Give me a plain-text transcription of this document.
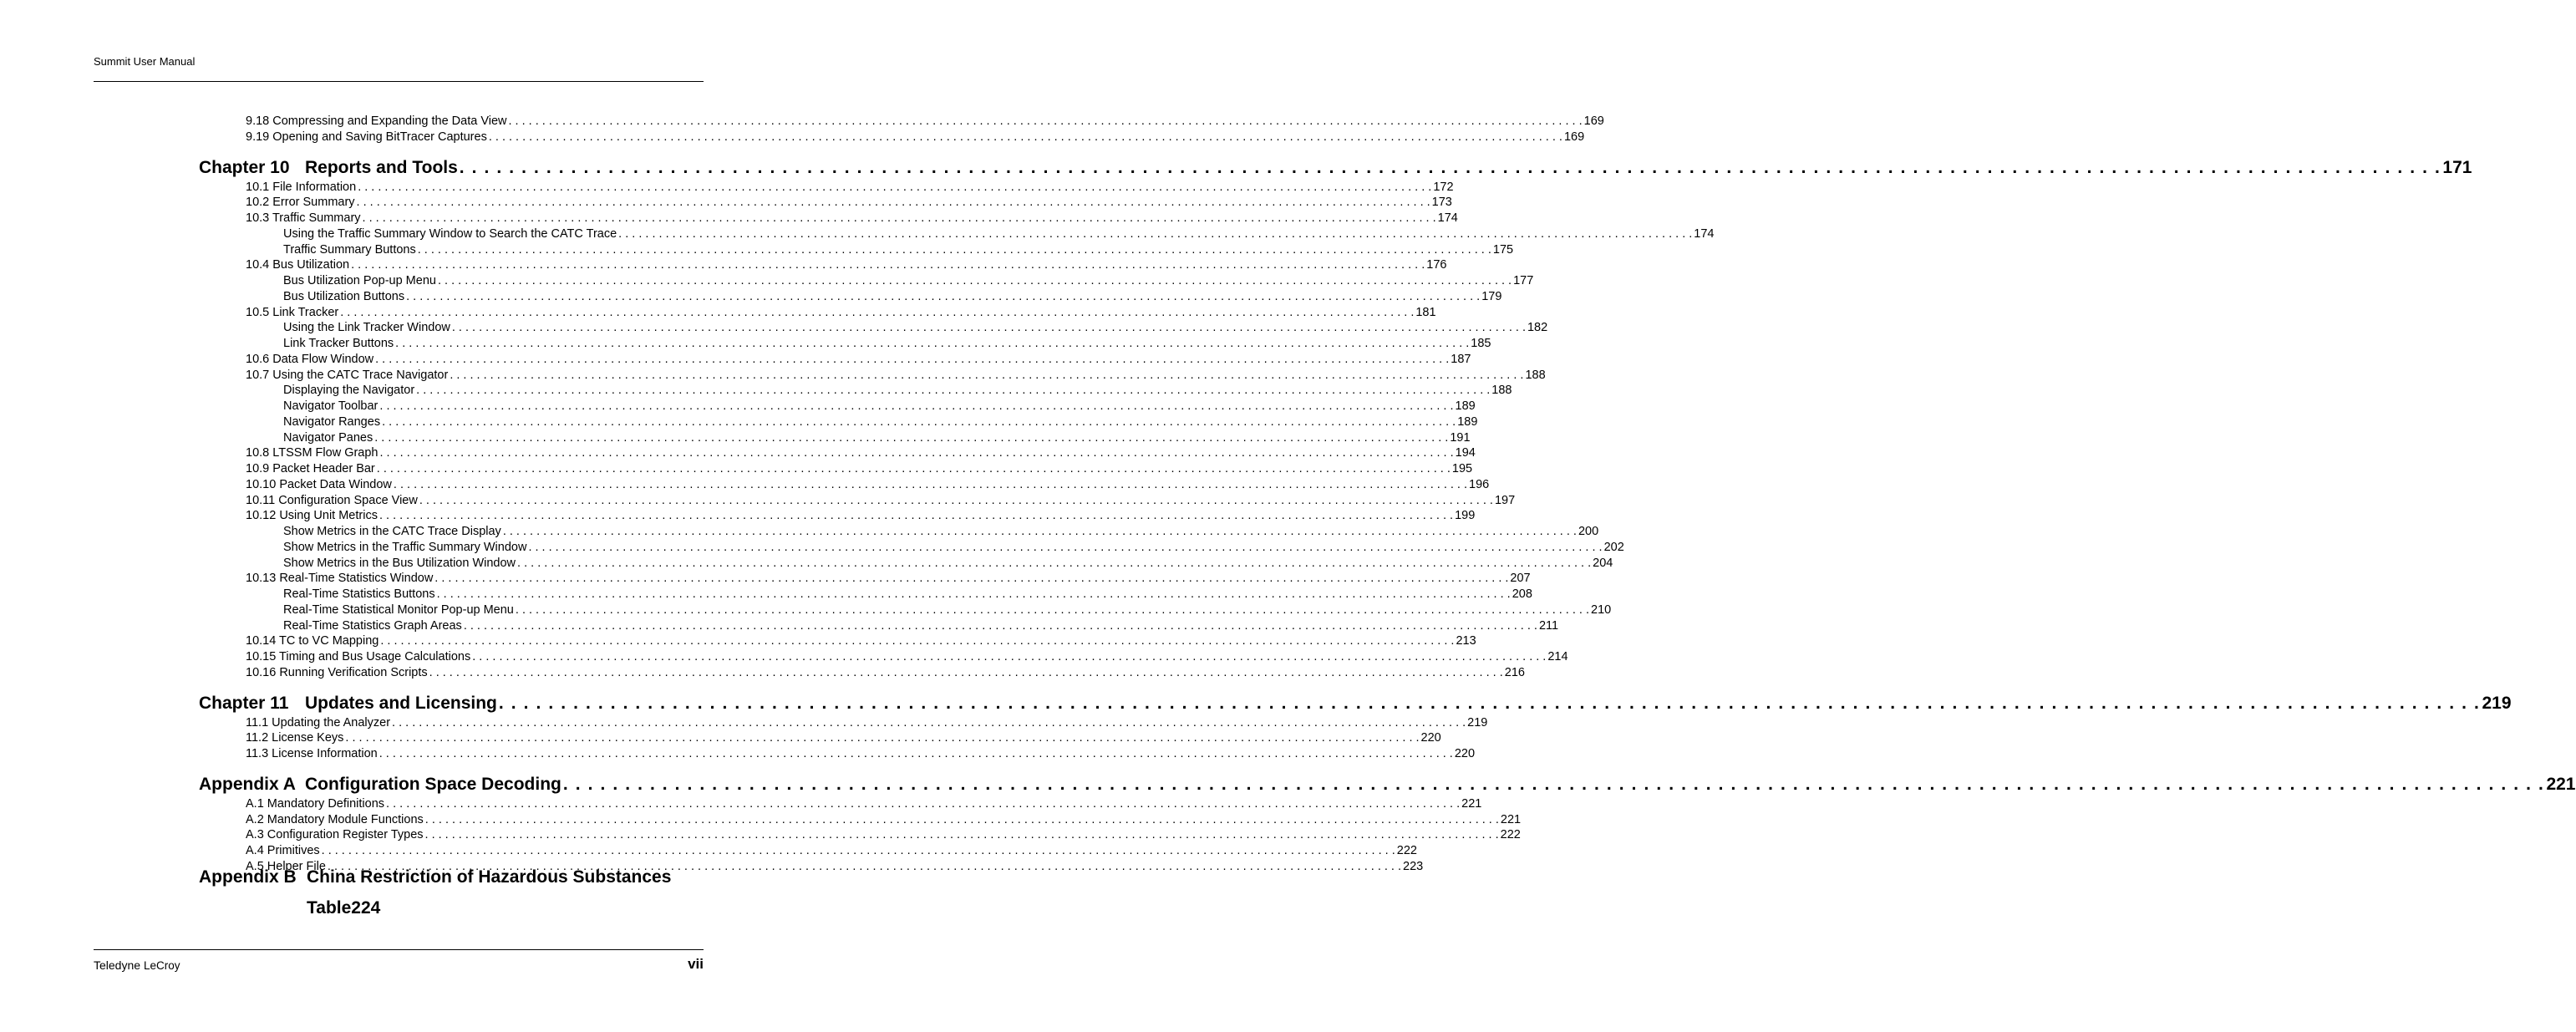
Summit User Manual
9.18 Compressing and Expanding the Data View . . . . . . . . . . . . . . . . . . . . . . . . . . . . . . . . . . . . . . . . . . . . . . . . . . . . . . . . . . . . . . . . . . . . . . . . . . . . . . . . . . . . . . . . . . . . . . . . . . . . . . . . . . . . . . . . . . . . . . . . . . . . . . . . . . . . . . . . . . . . . . . . . . . . . . . . . . . . . . . . 169
9.19 Opening and Saving BitTracer Captures . . . . . . . . . . . . . . . . . . . . . . . . . . . . . . . . . . . . . . . . . . . . . . . . . . . . . . . . . . . . . . . . . . . . . . . . . . . . . . . . . . . . . . . . . . . . . . . . . . . . . . . . . . . . . . . . . . . . . . . . . . . . . . . . . . . . . . . . . . . . . . . . . . . . . . . . . . . . . . . . 169
Chapter 10 Reports and Tools . . . . . . . . . . . . . . . . . . . . . . . . . . . . . . . . . . . . . . . . . . . . . . . . . . . . . . . . . . . . . . . . . . . . . . . . . . . . . . . . . . . . . . . . . . . . . . . . . . . . . . . . . . . . . . . . . . . . . . . . . . . . . . . . . . . . . . . . . . . . . . . . . . . . . . . . . . . . . . . . 171
10.1 File Information . . . . . . . . . . . . . . . . . . . . . . . . . . . . . . . . . . . . . . . . . . . . . . . . . . . . . . . . . . . . . . . . . . . . . . . . . . . . . . . . . . . . . . . . . . . . . . . . . . . . . . . . . . . . . . . . . . . . . . . . . . . . . . . . . . . . . . . . . . . . . . . . . . . . . . . . . . . . . . . . 172
10.2 Error Summary . . . . . . . . . . . . . . . . . . . . . . . . . . . . . . . . . . . . . . . . . . . . . . . . . . . . . . . . . . . . . . . . . . . . . . . . . . . . . . . . . . . . . . . . . . . . . . . . . . . . . . . . . . . . . . . . . . . . . . . . . . . . . . . . . . . . . . . . . . . . . . . . . . . . . . . . . . . . . . . . 173
10.3 Traffic Summary . . . . . . . . . . . . . . . . . . . . . . . . . . . . . . . . . . . . . . . . . . . . . . . . . . . . . . . . . . . . . . . . . . . . . . . . . . . . . . . . . . . . . . . . . . . . . . . . . . . . . . . . . . . . . . . . . . . . . . . . . . . . . . . . . . . . . . . . . . . . . . . . . . . . . . . . . . . . . . . . 174
Using the Traffic Summary Window to Search the CATC Trace . . . . . . . . . . . . . . . . . . . . . . . . . . . . . . . . . . . . . . . . . . . . . . . . . . . . . . . . . . . . . . . . . . . . . . . . . . . . . . . . . . . . . . . . . . . . . . . . . . . . . . . . . . . . . . . . . . . . . . . . . . . . . . . . . . . . . . . . . . . . . . . . . . . . . . . . . . . . . . . . 174
Traffic Summary Buttons . . . . . . . . . . . . . . . . . . . . . . . . . . . . . . . . . . . . . . . . . . . . . . . . . . . . . . . . . . . . . . . . . . . . . . . . . . . . . . . . . . . . . . . . . . . . . . . . . . . . . . . . . . . . . . . . . . . . . . . . . . . . . . . . . . . . . . . . . . . . . . . . . . . . . . . . . . . . . . . . 175
10.4 Bus Utilization . . . . . . . . . . . . . . . . . . . . . . . . . . . . . . . . . . . . . . . . . . . . . . . . . . . . . . . . . . . . . . . . . . . . . . . . . . . . . . . . . . . . . . . . . . . . . . . . . . . . . . . . . . . . . . . . . . . . . . . . . . . . . . . . . . . . . . . . . . . . . . . . . . . . . . . . . . . . . . . . 176
Bus Utilization Pop-up Menu . . . . . . . . . . . . . . . . . . . . . . . . . . . . . . . . . . . . . . . . . . . . . . . . . . . . . . . . . . . . . . . . . . . . . . . . . . . . . . . . . . . . . . . . . . . . . . . . . . . . . . . . . . . . . . . . . . . . . . . . . . . . . . . . . . . . . . . . . . . . . . . . . . . . . . . . . . . . . . . . 177
Bus Utilization Buttons . . . . . . . . . . . . . . . . . . . . . . . . . . . . . . . . . . . . . . . . . . . . . . . . . . . . . . . . . . . . . . . . . . . . . . . . . . . . . . . . . . . . . . . . . . . . . . . . . . . . . . . . . . . . . . . . . . . . . . . . . . . . . . . . . . . . . . . . . . . . . . . . . . . . . . . . . . . . . . . . 179
10.5 Link Tracker . . . . . . . . . . . . . . . . . . . . . . . . . . . . . . . . . . . . . . . . . . . . . . . . . . . . . . . . . . . . . . . . . . . . . . . . . . . . . . . . . . . . . . . . . . . . . . . . . . . . . . . . . . . . . . . . . . . . . . . . . . . . . . . . . . . . . . . . . . . . . . . . . . . . . . . . . . . . . . . . 181
Using the Link Tracker Window . . . . . . . . . . . . . . . . . . . . . . . . . . . . . . . . . . . . . . . . . . . . . . . . . . . . . . . . . . . . . . . . . . . . . . . . . . . . . . . . . . . . . . . . . . . . . . . . . . . . . . . . . . . . . . . . . . . . . . . . . . . . . . . . . . . . . . . . . . . . . . . . . . . . . . . . . . . . . . . . 182
Link Tracker Buttons . . . . . . . . . . . . . . . . . . . . . . . . . . . . . . . . . . . . . . . . . . . . . . . . . . . . . . . . . . . . . . . . . . . . . . . . . . . . . . . . . . . . . . . . . . . . . . . . . . . . . . . . . . . . . . . . . . . . . . . . . . . . . . . . . . . . . . . . . . . . . . . . . . . . . . . . . . . . . . . . 185
10.6 Data Flow Window . . . . . . . . . . . . . . . . . . . . . . . . . . . . . . . . . . . . . . . . . . . . . . . . . . . . . . . . . . . . . . . . . . . . . . . . . . . . . . . . . . . . . . . . . . . . . . . . . . . . . . . . . . . . . . . . . . . . . . . . . . . . . . . . . . . . . . . . . . . . . . . . . . . . . . . . . . . . . . . . 187
10.7 Using the CATC Trace Navigator . . . . . . . . . . . . . . . . . . . . . . . . . . . . . . . . . . . . . . . . . . . . . . . . . . . . . . . . . . . . . . . . . . . . . . . . . . . . . . . . . . . . . . . . . . . . . . . . . . . . . . . . . . . . . . . . . . . . . . . . . . . . . . . . . . . . . . . . . . . . . . . . . . . . . . . . . . . . . . . . 188
Displaying the Navigator . . . . . . . . . . . . . . . . . . . . . . . . . . . . . . . . . . . . . . . . . . . . . . . . . . . . . . . . . . . . . . . . . . . . . . . . . . . . . . . . . . . . . . . . . . . . . . . . . . . . . . . . . . . . . . . . . . . . . . . . . . . . . . . . . . . . . . . . . . . . . . . . . . . . . . . . . . . . . . . . 188
Navigator Toolbar . . . . . . . . . . . . . . . . . . . . . . . . . . . . . . . . . . . . . . . . . . . . . . . . . . . . . . . . . . . . . . . . . . . . . . . . . . . . . . . . . . . . . . . . . . . . . . . . . . . . . . . . . . . . . . . . . . . . . . . . . . . . . . . . . . . . . . . . . . . . . . . . . . . . . . . . . . . . . . . . 189
Navigator Ranges . . . . . . . . . . . . . . . . . . . . . . . . . . . . . . . . . . . . . . . . . . . . . . . . . . . . . . . . . . . . . . . . . . . . . . . . . . . . . . . . . . . . . . . . . . . . . . . . . . . . . . . . . . . . . . . . . . . . . . . . . . . . . . . . . . . . . . . . . . . . . . . . . . . . . . . . . . . . . . . . 189
Navigator Panes . . . . . . . . . . . . . . . . . . . . . . . . . . . . . . . . . . . . . . . . . . . . . . . . . . . . . . . . . . . . . . . . . . . . . . . . . . . . . . . . . . . . . . . . . . . . . . . . . . . . . . . . . . . . . . . . . . . . . . . . . . . . . . . . . . . . . . . . . . . . . . . . . . . . . . . . . . . . . . . . 191
10.8 LTSSM Flow Graph . . . . . . . . . . . . . . . . . . . . . . . . . . . . . . . . . . . . . . . . . . . . . . . . . . . . . . . . . . . . . . . . . . . . . . . . . . . . . . . . . . . . . . . . . . . . . . . . . . . . . . . . . . . . . . . . . . . . . . . . . . . . . . . . . . . . . . . . . . . . . . . . . . . . . . . . . . . . . . . . 194
10.9 Packet Header Bar . . . . . . . . . . . . . . . . . . . . . . . . . . . . . . . . . . . . . . . . . . . . . . . . . . . . . . . . . . . . . . . . . . . . . . . . . . . . . . . . . . . . . . . . . . . . . . . . . . . . . . . . . . . . . . . . . . . . . . . . . . . . . . . . . . . . . . . . . . . . . . . . . . . . . . . . . . . . . . . . 195
10.10 Packet Data Window . . . . . . . . . . . . . . . . . . . . . . . . . . . . . . . . . . . . . . . . . . . . . . . . . . . . . . . . . . . . . . . . . . . . . . . . . . . . . . . . . . . . . . . . . . . . . . . . . . . . . . . . . . . . . . . . . . . . . . . . . . . . . . . . . . . . . . . . . . . . . . . . . . . . . . . . . . . . . . . . 196
10.11 Configuration Space View . . . . . . . . . . . . . . . . . . . . . . . . . . . . . . . . . . . . . . . . . . . . . . . . . . . . . . . . . . . . . . . . . . . . . . . . . . . . . . . . . . . . . . . . . . . . . . . . . . . . . . . . . . . . . . . . . . . . . . . . . . . . . . . . . . . . . . . . . . . . . . . . . . . . . . . . . . . . . . . . 197
10.12 Using Unit Metrics . . . . . . . . . . . . . . . . . . . . . . . . . . . . . . . . . . . . . . . . . . . . . . . . . . . . . . . . . . . . . . . . . . . . . . . . . . . . . . . . . . . . . . . . . . . . . . . . . . . . . . . . . . . . . . . . . . . . . . . . . . . . . . . . . . . . . . . . . . . . . . . . . . . . . . . . . . . . . . . . 199
Show Metrics in the CATC Trace Display . . . . . . . . . . . . . . . . . . . . . . . . . . . . . . . . . . . . . . . . . . . . . . . . . . . . . . . . . . . . . . . . . . . . . . . . . . . . . . . . . . . . . . . . . . . . . . . . . . . . . . . . . . . . . . . . . . . . . . . . . . . . . . . . . . . . . . . . . . . . . . . . . . . . . . . . . . . . . . . . 200
Show Metrics in the Traffic Summary Window . . . . . . . . . . . . . . . . . . . . . . . . . . . . . . . . . . . . . . . . . . . . . . . . . . . . . . . . . . . . . . . . . . . . . . . . . . . . . . . . . . . . . . . . . . . . . . . . . . . . . . . . . . . . . . . . . . . . . . . . . . . . . . . . . . . . . . . . . . . . . . . . . . . . . . . . . . . . . . . . 202
Show Metrics in the Bus Utilization Window . . . . . . . . . . . . . . . . . . . . . . . . . . . . . . . . . . . . . . . . . . . . . . . . . . . . . . . . . . . . . . . . . . . . . . . . . . . . . . . . . . . . . . . . . . . . . . . . . . . . . . . . . . . . . . . . . . . . . . . . . . . . . . . . . . . . . . . . . . . . . . . . . . . . . . . . . . . . . . . . 204
10.13 Real-Time Statistics Window . . . . . . . . . . . . . . . . . . . . . . . . . . . . . . . . . . . . . . . . . . . . . . . . . . . . . . . . . . . . . . . . . . . . . . . . . . . . . . . . . . . . . . . . . . . . . . . . . . . . . . . . . . . . . . . . . . . . . . . . . . . . . . . . . . . . . . . . . . . . . . . . . . . . . . . . . . . . . . . . 207
Real-Time Statistics Buttons . . . . . . . . . . . . . . . . . . . . . . . . . . . . . . . . . . . . . . . . . . . . . . . . . . . . . . . . . . . . . . . . . . . . . . . . . . . . . . . . . . . . . . . . . . . . . . . . . . . . . . . . . . . . . . . . . . . . . . . . . . . . . . . . . . . . . . . . . . . . . . . . . . . . . . . . . . . . . . . . 208
Real-Time Statistical Monitor Pop-up Menu . . . . . . . . . . . . . . . . . . . . . . . . . . . . . . . . . . . . . . . . . . . . . . . . . . . . . . . . . . . . . . . . . . . . . . . . . . . . . . . . . . . . . . . . . . . . . . . . . . . . . . . . . . . . . . . . . . . . . . . . . . . . . . . . . . . . . . . . . . . . . . . . . . . . . . . . . . . . . . . . 210
Real-Time Statistics Graph Areas . . . . . . . . . . . . . . . . . . . . . . . . . . . . . . . . . . . . . . . . . . . . . . . . . . . . . . . . . . . . . . . . . . . . . . . . . . . . . . . . . . . . . . . . . . . . . . . . . . . . . . . . . . . . . . . . . . . . . . . . . . . . . . . . . . . . . . . . . . . . . . . . . . . . . . . . . . . . . . . . 211
10.14 TC to VC Mapping . . . . . . . . . . . . . . . . . . . . . . . . . . . . . . . . . . . . . . . . . . . . . . . . . . . . . . . . . . . . . . . . . . . . . . . . . . . . . . . . . . . . . . . . . . . . . . . . . . . . . . . . . . . . . . . . . . . . . . . . . . . . . . . . . . . . . . . . . . . . . . . . . . . . . . . . . . . . . . . . 213
10.15 Timing and Bus Usage Calculations . . . . . . . . . . . . . . . . . . . . . . . . . . . . . . . . . . . . . . . . . . . . . . . . . . . . . . . . . . . . . . . . . . . . . . . . . . . . . . . . . . . . . . . . . . . . . . . . . . . . . . . . . . . . . . . . . . . . . . . . . . . . . . . . . . . . . . . . . . . . . . . . . . . . . . . . . . . . . . . . 214
10.16 Running Verification Scripts . . . . . . . . . . . . . . . . . . . . . . . . . . . . . . . . . . . . . . . . . . . . . . . . . . . . . . . . . . . . . . . . . . . . . . . . . . . . . . . . . . . . . . . . . . . . . . . . . . . . . . . . . . . . . . . . . . . . . . . . . . . . . . . . . . . . . . . . . . . . . . . . . . . . . . . . . . . . . . . . 216
Chapter 11 Updates and Licensing . . . . . . . . . . . . . . . . . . . . . . . . . . . . . . . . . . . . . . . . . . . . . . . . . . . . . . . . . . . . . . . . . . . . . . . . . . . . . . . . . . . . . . . . . . . . . . . . . . . . . . . . . . . . . . . . . . . . . . . . . . . . . . . . . . . . . . . . . . . . . . . . . . . . . . . . . . . . . . . . 219
11.1 Updating the Analyzer . . . . . . . . . . . . . . . . . . . . . . . . . . . . . . . . . . . . . . . . . . . . . . . . . . . . . . . . . . . . . . . . . . . . . . . . . . . . . . . . . . . . . . . . . . . . . . . . . . . . . . . . . . . . . . . . . . . . . . . . . . . . . . . . . . . . . . . . . . . . . . . . . . . . . . . . . . . . . . . . 219
11.2 License Keys . . . . . . . . . . . . . . . . . . . . . . . . . . . . . . . . . . . . . . . . . . . . . . . . . . . . . . . . . . . . . . . . . . . . . . . . . . . . . . . . . . . . . . . . . . . . . . . . . . . . . . . . . . . . . . . . . . . . . . . . . . . . . . . . . . . . . . . . . . . . . . . . . . . . . . . . . . . . . . . . 220
11.3 License Information . . . . . . . . . . . . . . . . . . . . . . . . . . . . . . . . . . . . . . . . . . . . . . . . . . . . . . . . . . . . . . . . . . . . . . . . . . . . . . . . . . . . . . . . . . . . . . . . . . . . . . . . . . . . . . . . . . . . . . . . . . . . . . . . . . . . . . . . . . . . . . . . . . . . . . . . . . . . . . . . 220
Appendix A Configuration Space Decoding . . . . . . . . . . . . . . . . . . . . . . . . . . . . . . . . . . . . . . . . . . . . . . . . . . . . . . . . . . . . . . . . . . . . . . . . . . . . . . . . . . . . . . . . . . . . . . . . . . . . . . . . . . . . . . . . . . . . . . . . . . . . . . . . . . . . . . . . . . . . . . . . . . . . . . . . . . . . . . . . 221
A.1 Mandatory Definitions . . . . . . . . . . . . . . . . . . . . . . . . . . . . . . . . . . . . . . . . . . . . . . . . . . . . . . . . . . . . . . . . . . . . . . . . . . . . . . . . . . . . . . . . . . . . . . . . . . . . . . . . . . . . . . . . . . . . . . . . . . . . . . . . . . . . . . . . . . . . . . . . . . . . . . . . . . . . . . . . 221
A.2 Mandatory Module Functions . . . . . . . . . . . . . . . . . . . . . . . . . . . . . . . . . . . . . . . . . . . . . . . . . . . . . . . . . . . . . . . . . . . . . . . . . . . . . . . . . . . . . . . . . . . . . . . . . . . . . . . . . . . . . . . . . . . . . . . . . . . . . . . . . . . . . . . . . . . . . . . . . . . . . . . . . . . . . . . . 221
A.3 Configuration Register Types . . . . . . . . . . . . . . . . . . . . . . . . . . . . . . . . . . . . . . . . . . . . . . . . . . . . . . . . . . . . . . . . . . . . . . . . . . . . . . . . . . . . . . . . . . . . . . . . . . . . . . . . . . . . . . . . . . . . . . . . . . . . . . . . . . . . . . . . . . . . . . . . . . . . . . . . . . . . . . . . 222
A.4 Primitives . . . . . . . . . . . . . . . . . . . . . . . . . . . . . . . . . . . . . . . . . . . . . . . . . . . . . . . . . . . . . . . . . . . . . . . . . . . . . . . . . . . . . . . . . . . . . . . . . . . . . . . . . . . . . . . . . . . . . . . . . . . . . . . . . . . . . . . . . . . . . . . . . . . . . . . . . . . . . . . . 222
A.5 Helper File . . . . . . . . . . . . . . . . . . . . . . . . . . . . . . . . . . . . . . . . . . . . . . . . . . . . . . . . . . . . . . . . . . . . . . . . . . . . . . . . . . . . . . . . . . . . . . . . . . . . . . . . . . . . . . . . . . . . . . . . . . . . . . . . . . . . . . . . . . . . . . . . . . . . . . . . . . . . . . . . 223
Appendix B China Restriction of Hazardous Substances
Table224
Teledyne LeCroy	vii
